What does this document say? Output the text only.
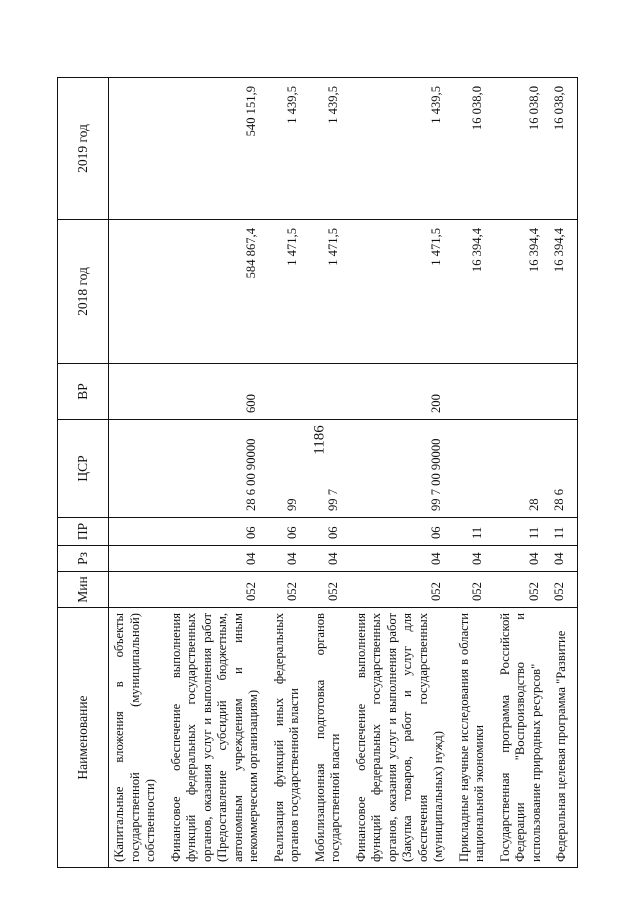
1186
Наименование	Мин	Рз	ПР	ЦСР	ВР	2018 год	2019 год
(Капитальные вложения в объекты государственной (муниципальной) собственности)							
Финансовое обеспечение выполнения функций федеральных государственных органов, оказания услуг и выполнения работ (Предоставление субсидий бюджетным, автономным учреждениям и иным некоммерческим организациям)	052	04	06	28 6 00 90000	600	584 867,4	540 151,9
Реализация функций иных федеральных органов государственной власти	052	04	06	99		1 471,5	1 439,5
Мобилизационная подготовка органов государственной власти	052	04	06	99 7		1 471,5	1 439,5
Финансовое обеспечение выполнения функций федеральных государственных органов, оказания услуг и выполнения работ (Закупка товаров, работ и услуг для обеспечения государственных (муниципальных) нужд)	052	04	06	99 7 00 90000	200	1 471,5	1 439,5
Прикладные научные исследования в области национальной экономики	052	04	11			16 394,4	16 038,0
Государственная программа Российской Федерации "Воспроизводство и использование природных ресурсов"	052	04	11	28		16 394,4	16 038,0
Федеральная целевая программа "Развитие	052	04	11	28 6		16 394,4	16 038,0
